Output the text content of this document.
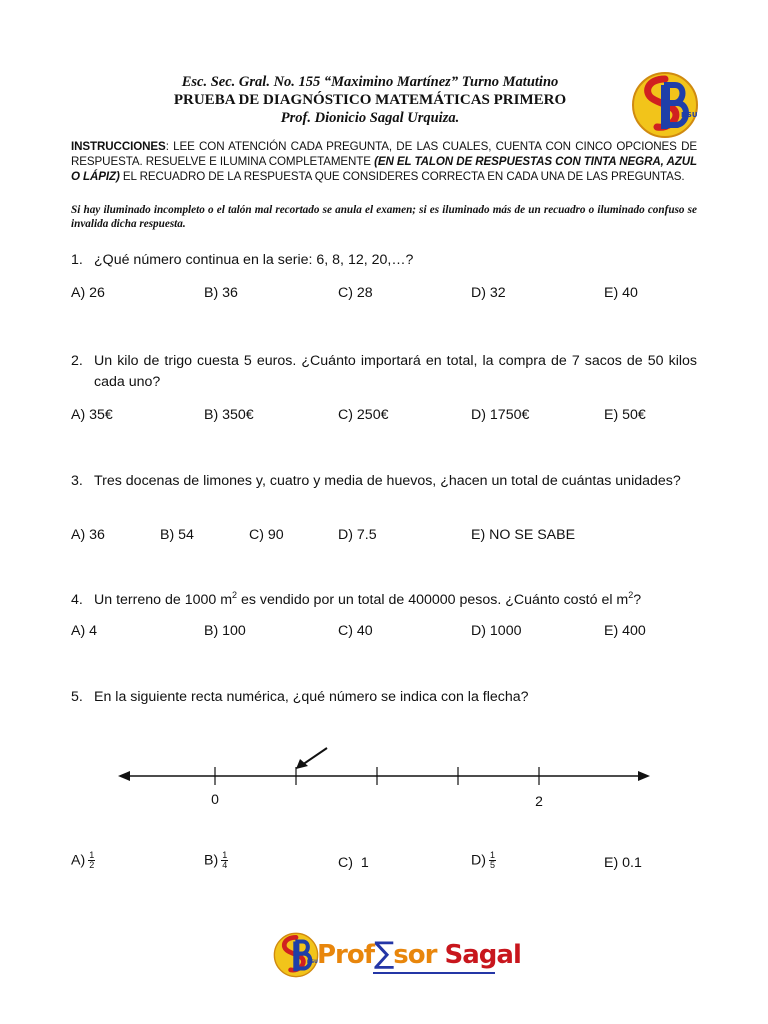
Esc. Sec. Gral. No. 155 “Maximino Martínez” Turno Matutino
PRUEBA DE DIAGNÓSTICO MATEMÁTICAS PRIMERO
Prof. Dionicio Sagal Urquiza.	DSU
INSTRUCCIONES: LEE CON ATENCIÓN CADA PREGUNTA, DE LAS CUALES, CUENTA CON CINCO OPCIONES DE RESPUESTA. RESUELVE E ILUMINA COMPLETAMENTE (EN EL TALON DE RESPUESTAS CON TINTA NEGRA, AZUL O LÁPIZ) EL RECUADRO DE LA RESPUESTA QUE CONSIDERES CORRECTA EN CADA UNA DE LAS PREGUNTAS.
Si hay iluminado incompleto o el talón mal recortado se anula el examen; si es iluminado más de un recuadro o iluminado confuso se invalida dicha respuesta.
1. ¿Qué número continua en la serie: 6, 8, 12, 20,…?
A) 26	B) 36	C) 28	D) 32	E) 40
2. Un kilo de trigo cuesta 5 euros. ¿Cuánto importará en total, la compra de 7 sacos de 50 kilos cada uno?
A) 35€	B) 350€	C) 250€	D) 1750€	E) 50€
3. Tres docenas de limones y, cuatro y media de huevos, ¿hacen un total de cuántas unidades?
A) 36	B) 54	C) 90	D) 7.5	E) NO SE SABE
4. Un terreno de 1000 $m^2$ es vendido por un total de 400000 pesos. ¿Cuánto costó el $m^2$?
A) 4	B) 100	C) 40	D) 1000	E) 400
5. En la siguiente recta numérica, ¿qué número se indica con la flecha?
0	2
$A) \frac{1}{2}$	$B) \frac{1}{4}$	C) 1	$D) \frac{1}{5}$	E) 0.1
DSU Prof∑sor Sagal
